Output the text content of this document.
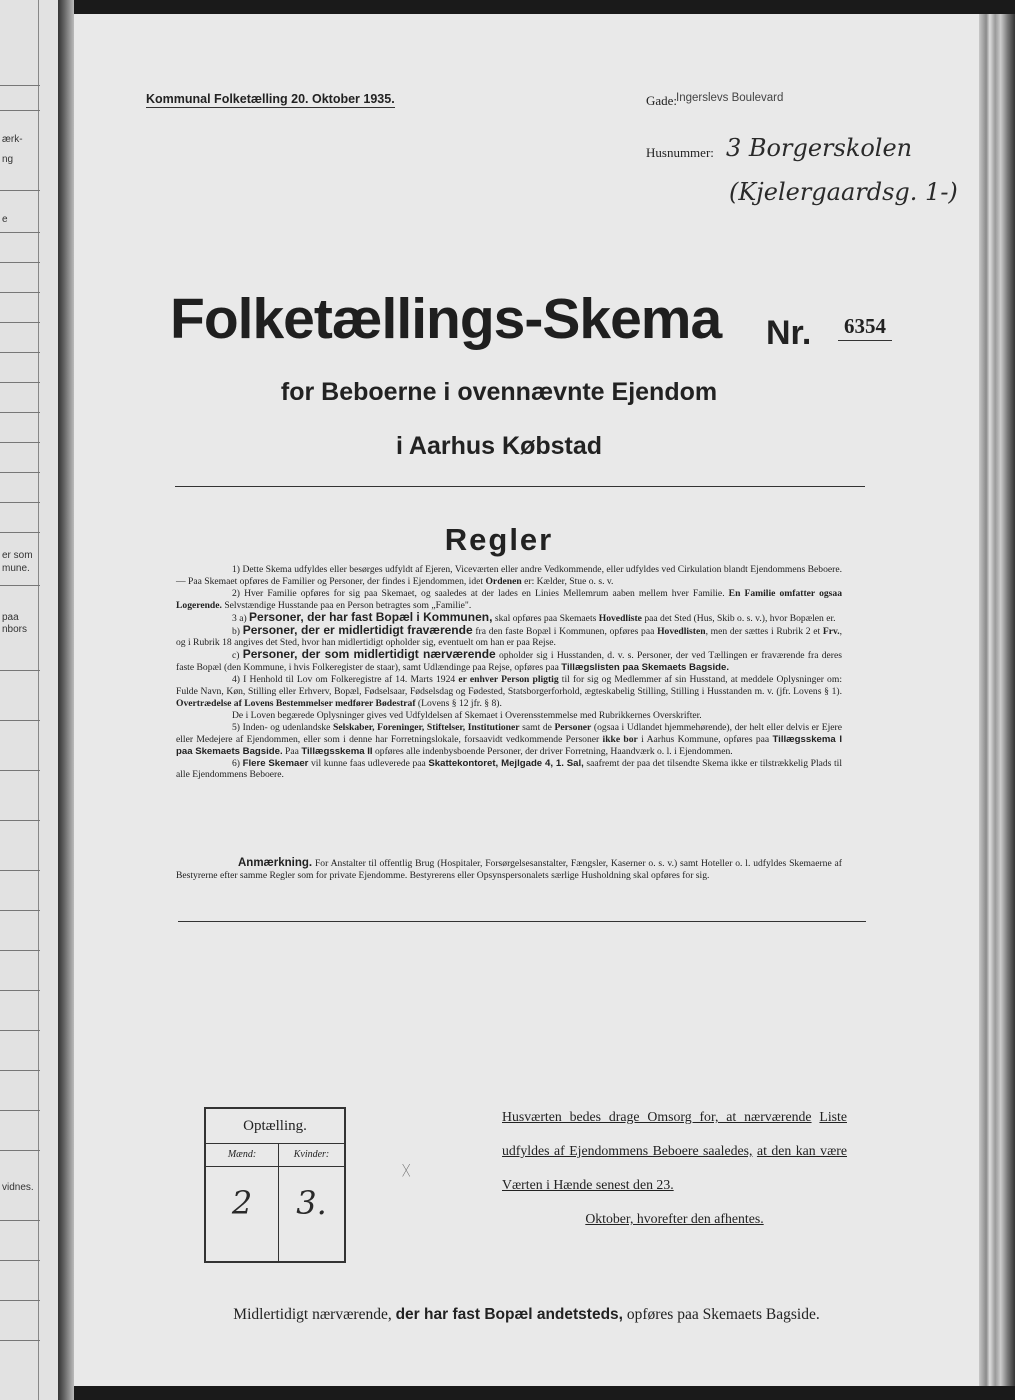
ærk-
ng
e
er som
mune.
paa
nbors
vidnes.
Kommunal Folketælling 20. Oktober 1935.	Gade:
Ingerslevs Boulevard
Husnummer: 3 Borgerskolen
(Kjelergaardsg. 1-)
Folketællings-Skema Nr. 6354
for Beboerne i ovennævnte Ejendom
i Aarhus Købstad
Regler

1) Dette Skema udfyldes eller besørges udfyldt af Ejeren, Viceværten eller andre Vedkommende, eller udfyldes ved Cirkulation blandt Ejendommens Beboere. — Paa Skemaet opføres de Familier og Personer, der findes i Ejendommen, idet Ordenen er: Kælder, Stue o. s. v.

2) Hver Familie opføres for sig paa Skemaet, og saaledes at der lades en Linies Mellemrum aaben mellem hver Familie. En Familie omfatter ogsaa Logerende. Selvstændige Husstande paa en Person betragtes som „Familie".

3 a) Personer, der har fast Bopæl i Kommunen, skal opføres paa Skemaets Hovedliste paa det Sted (Hus, Skib o. s. v.), hvor Bopælen er.

b) Personer, der er midlertidigt fraværende fra den faste Bopæl i Kommunen, opføres paa Hovedlisten, men der sættes i Rubrik 2 et Frv., og i Rubrik 18 angives det Sted, hvor han midlertidigt opholder sig, eventuelt om han er paa Rejse.

c) Personer, der som midlertidigt nærværende opholder sig i Husstanden, d. v. s. Personer, der ved Tællingen er fraværende fra deres faste Bopæl (den Kommune, i hvis Folkeregister de staar), samt Udlændinge paa Rejse, opføres paa Tillægslisten paa Skemaets Bagside.

4) I Henhold til Lov om Folkeregistre af 14. Marts 1924 er enhver Person pligtig til for sig og Medlemmer af sin Husstand, at meddele Oplysninger om: Fulde Navn, Køn, Stilling eller Erhverv, Bopæl, Fødselsaar, Fødselsdag og Fødested, Statsborgerforhold, ægteskabelig Stilling, Stilling i Husstanden m. v. (jfr. Lovens § 1). Overtrædelse af Lovens Bestemmelser medfører Bødestraf (Lovens § 12 jfr. § 8).

De i Loven begærede Oplysninger gives ved Udfyldelsen af Skemaet i Overensstemmelse med Rubrikkernes Overskrifter.

5) Inden- og udenlandske Selskaber, Foreninger, Stiftelser, Institutioner samt de Personer (ogsaa i Udlandet hjemmehørende), der helt eller delvis er Ejere eller Medejere af Ejendommen, eller som i denne har Forretningslokale, forsaavidt vedkommende Personer ikke bor i Aarhus Kommune, opføres paa Tillægsskema I paa Skemaets Bagside. Paa Tillægsskema II opføres alle indenbysboende Personer, der driver Forretning, Haandværk o. l. i Ejendommen.

6) Flere Skemaer vil kunne faas udleverede paa Skattekontoret, Mejlgade 4, 1. Sal, saafremt der paa det tilsendte Skema ikke er tilstrækkelig Plads til alle Ejendommens Beboere.

Anmærkning. For Anstalter til offentlig Brug (Hospitaler, Forsørgelsesanstalter, Fængsler, Kaserner o. s. v.) samt Hoteller o. l. udfyldes Skemaerne af Bestyrerne efter samme Regler som for private Ejendomme. Bestyrerens eller Opsynspersonalets særlige Husholdning skal opføres for sig.
Optælling.
Mænd:
2
Kvinder:
3.
ᚷ
Husværten bedes drage Omsorg for, at nærværende Liste udfyldes af Ejendommens Beboere saaledes, at den kan være Værten i Hænde senest den 23.
Oktober, hvorefter den afhentes.
Midlertidigt nærværende, der har fast Bopæl andetsteds, opføres paa Skemaets Bagside.
